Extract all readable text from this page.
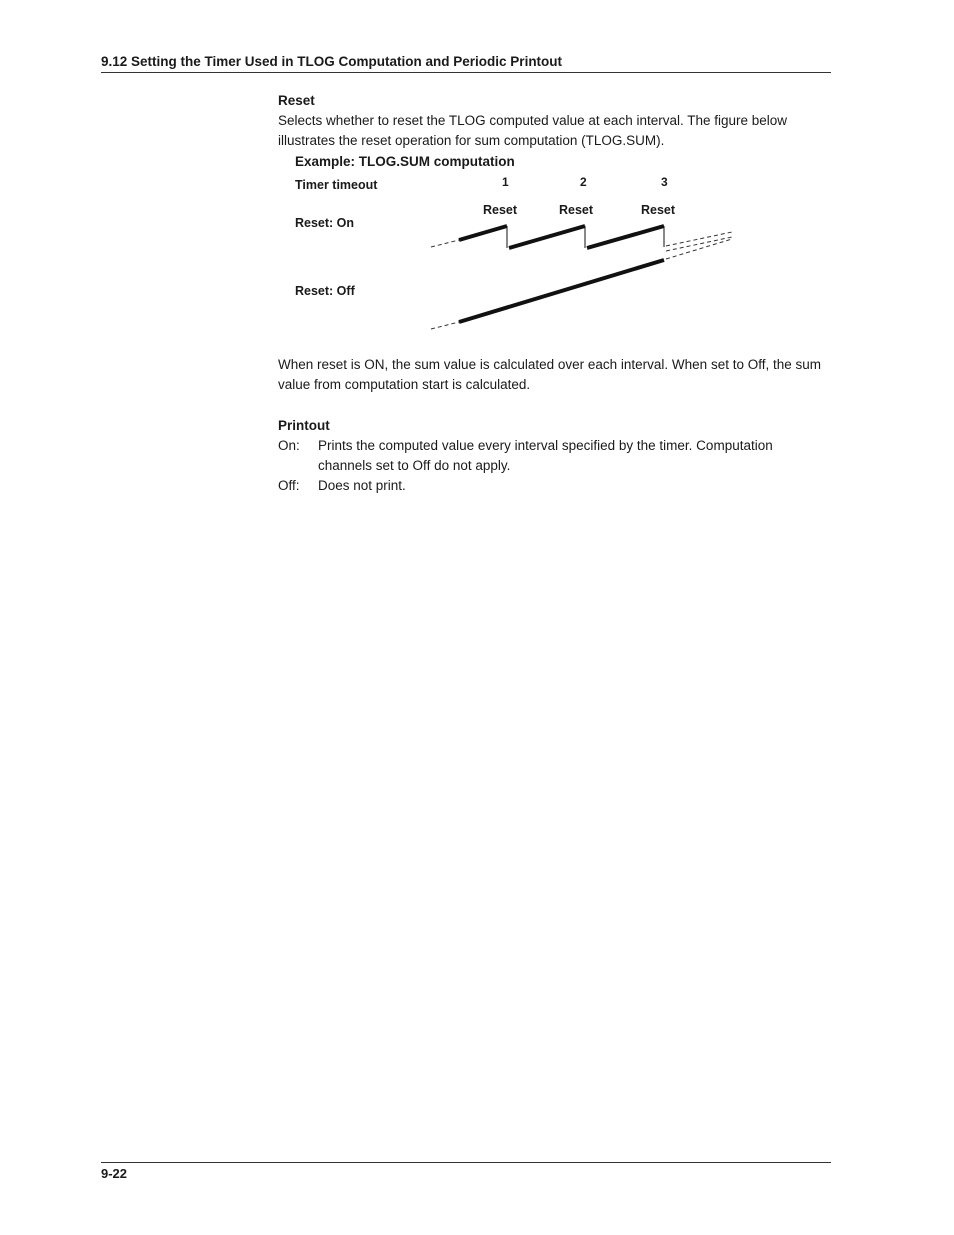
9.12 Setting the Timer Used in TLOG Computation and Periodic Printout
Reset
Selects whether to reset the TLOG computed value at each interval. The figure below illustrates the reset operation for sum computation (TLOG.SUM).
Example: TLOG.SUM computation
Timer timeout
Reset: On
Reset: Off
1	2	3
Reset	Reset	Reset
When reset is ON, the sum value is calculated over each interval. When set to Off, the sum value from computation start is calculated.
Printout
On: Prints the computed value every interval specified by the timer. Computation channels set to Off do not apply.
Off: Does not print.
9-22
